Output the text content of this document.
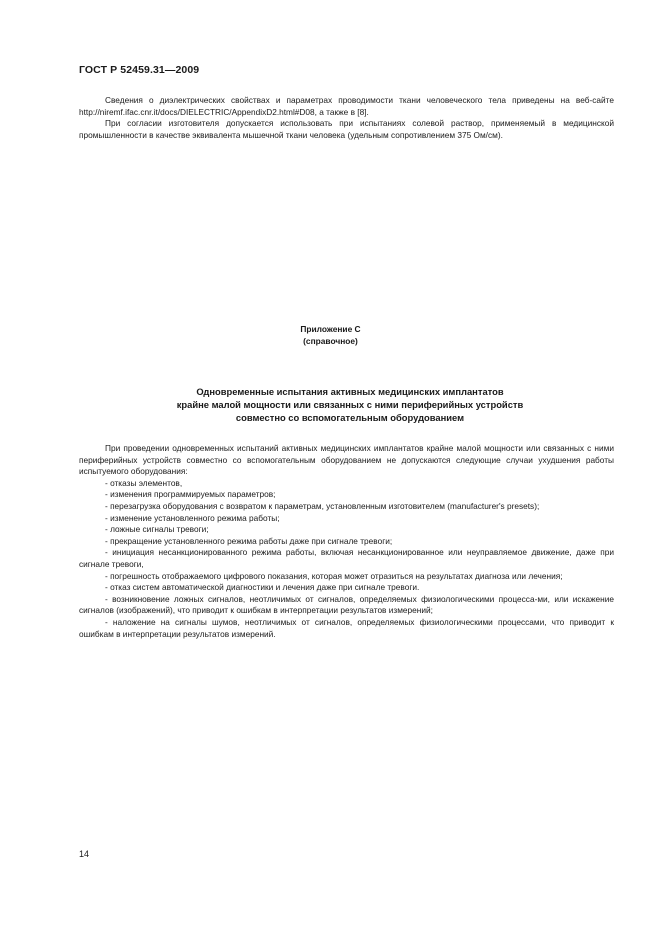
ГОСТ Р 52459.31—2009

Сведения о диэлектрических свойствах и параметрах проводимости ткани человеческого тела приведены на веб-сайте http://niremf.ifac.cnr.it/docs/DIELECTRIC/AppendixD2.html#D08, а также в [8].

При согласии изготовителя допускается использовать при испытаниях солевой раствор, применяемый в медицинской промышленности в качестве эквивалента мышечной ткани человека (удельным сопротивлением 375 Ом/см).

Приложение С
(справочное)
Одновременные испытания активных медицинских имплантатов
крайне малой мощности или связанных с ними периферийных устройств
совместно со вспомогательным оборудованием

При проведении одновременных испытаний активных медицинских имплантатов крайне малой мощности или связанных с ними периферийных устройств совместно со вспомогательным оборудованием не допускаются следующие случаи ухудшения работы испытуемого оборудования:

- отказы элементов,

- изменения программируемых параметров;

- перезагрузка оборудования с возвратом к параметрам, установленным изготовителем (manufacturer's presets);

- изменение установленного режима работы;

- ложные сигналы тревоги;

- прекращение установленного режима работы даже при сигнале тревоги;

- инициация несанкционированного режима работы, включая несанкционированное или неуправляемое движение, даже при сигнале тревоги,

- погрешность отображаемого цифрового показания, которая может отразиться на результатах диагноза или лечения;

- отказ систем автоматической диагностики и лечения даже при сигнале тревоги.

- возникновение ложных сигналов, неотличимых от сигналов, определяемых физиологическими процесса-ми, или искажение сигналов (изображений), что приводит к ошибкам в интерпретации результатов измерений;

- наложение на сигналы шумов, неотличимых от сигналов, определяемых физиологическими процессами, что приводит к ошибкам в интерпретации результатов измерений.

14
